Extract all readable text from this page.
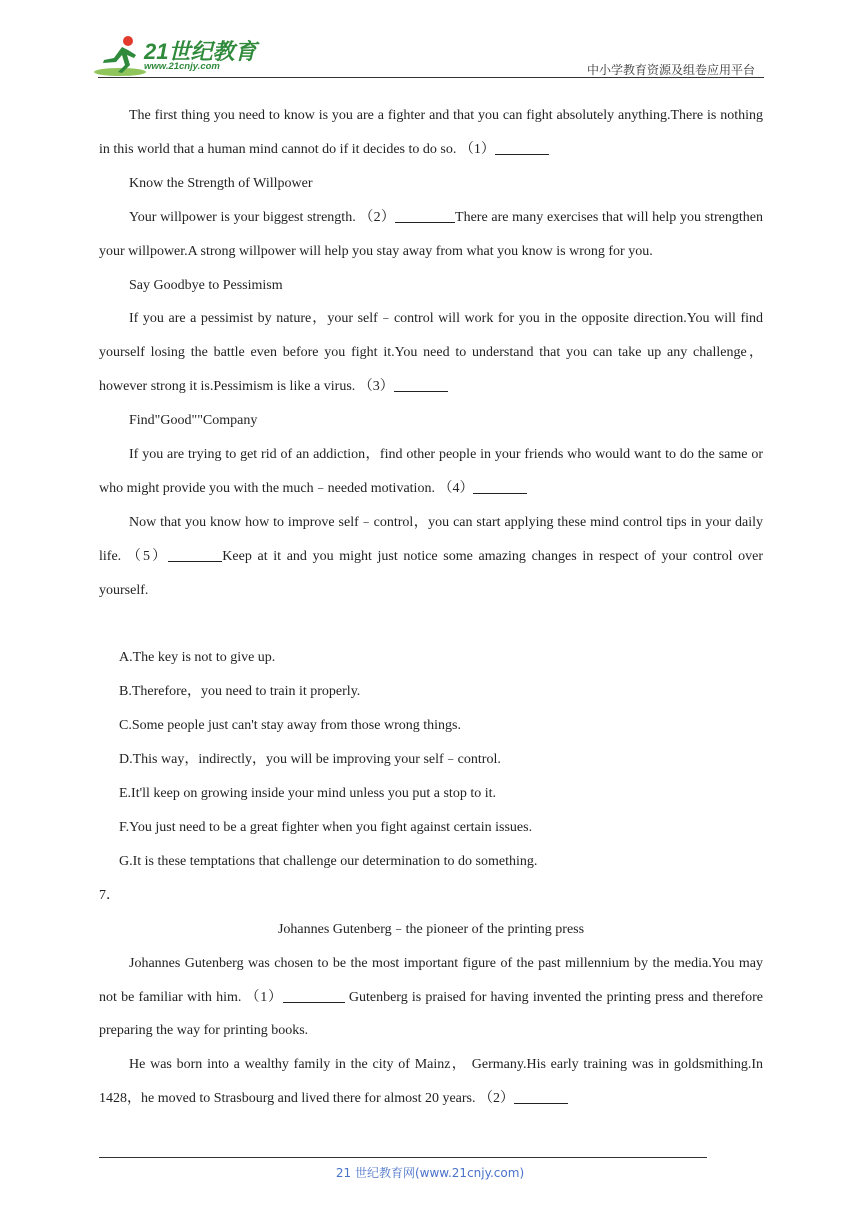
21世纪教育
www.21cnjy.com	中小学教育资源及组卷应用平台

The first thing you need to know is you are a fighter and that you can fight absolutely anything.There is nothing in this world that a human mind cannot do if it decides to do so. （1）

Know the Strength of Willpower

Your willpower is your biggest strength. （2）	There are many exercises that will help you strengthen your willpower.A strong willpower will help you stay away from what you know is wrong for you.

Say Goodbye to Pessimism

If you are a pessimist by nature，your self﹣control will work for you in the opposite direction.You will find yourself losing the battle even before you fight it.You need to understand that you can take up any challenge，however strong it is.Pessimism is like a virus. （3）

Find"Good""Company

If you are trying to get rid of an addiction，find other people in your friends who would want to do the same or who might provide you with the much﹣needed motivation. （4）

Now that you know how to improve self﹣control，you can start applying these mind control tips in your daily life. （5）	Keep at it and you might just notice some amazing changes in respect of your control over yourself.

A.The key is not to give up.

B.Therefore，you need to train it properly.

C.Some people just can't stay away from those wrong things.

D.This way，indirectly，you will be improving your self﹣control.

E.It'll keep on growing inside your mind unless you put a stop to it.

F.You just need to be a great fighter when you fight against certain issues.

G.It is these temptations that challenge our determination to do something.

7．

Johannes Gutenberg﹣the pioneer of the printing press

Johannes Gutenberg was chosen to be the most important figure of the past millennium by the media.You may not be familiar with him. （1）	Gutenberg is praised for having invented the printing press and therefore preparing the way for printing books.

He was born into a wealthy family in the city of Mainz， Germany.His early training was in goldsmithing.In 1428，he moved to Strasbourg and lived there for almost 20 years. （2）

21 世纪教育网(www.21cnjy.com)
